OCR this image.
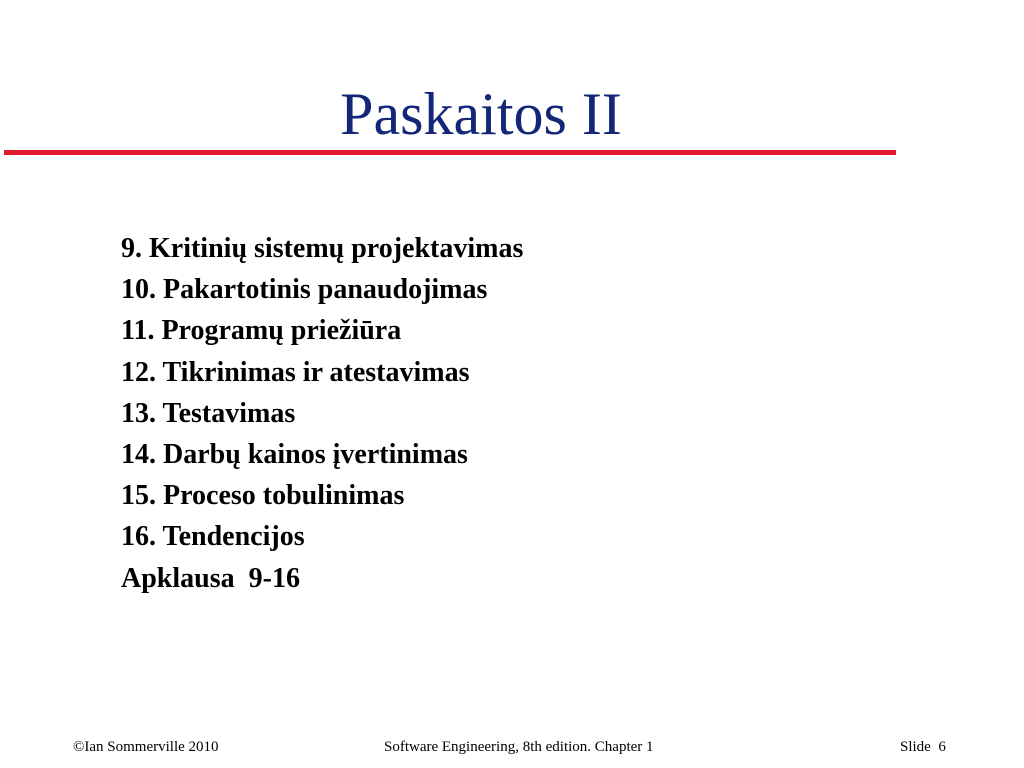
Paskaitos II
9. Kritinių sistemų projektavimas
10. Pakartotinis panaudojimas
11. Programų priežiūra
12. Tikrinimas ir atestavimas
13. Testavimas
14. Darbų kainos įvertinimas
15. Proceso tobulinimas
16. Tendencijos
Apklausa  9-16
©Ian Sommerville 2010	Software Engineering, 8th edition. Chapter 1	Slide  6
